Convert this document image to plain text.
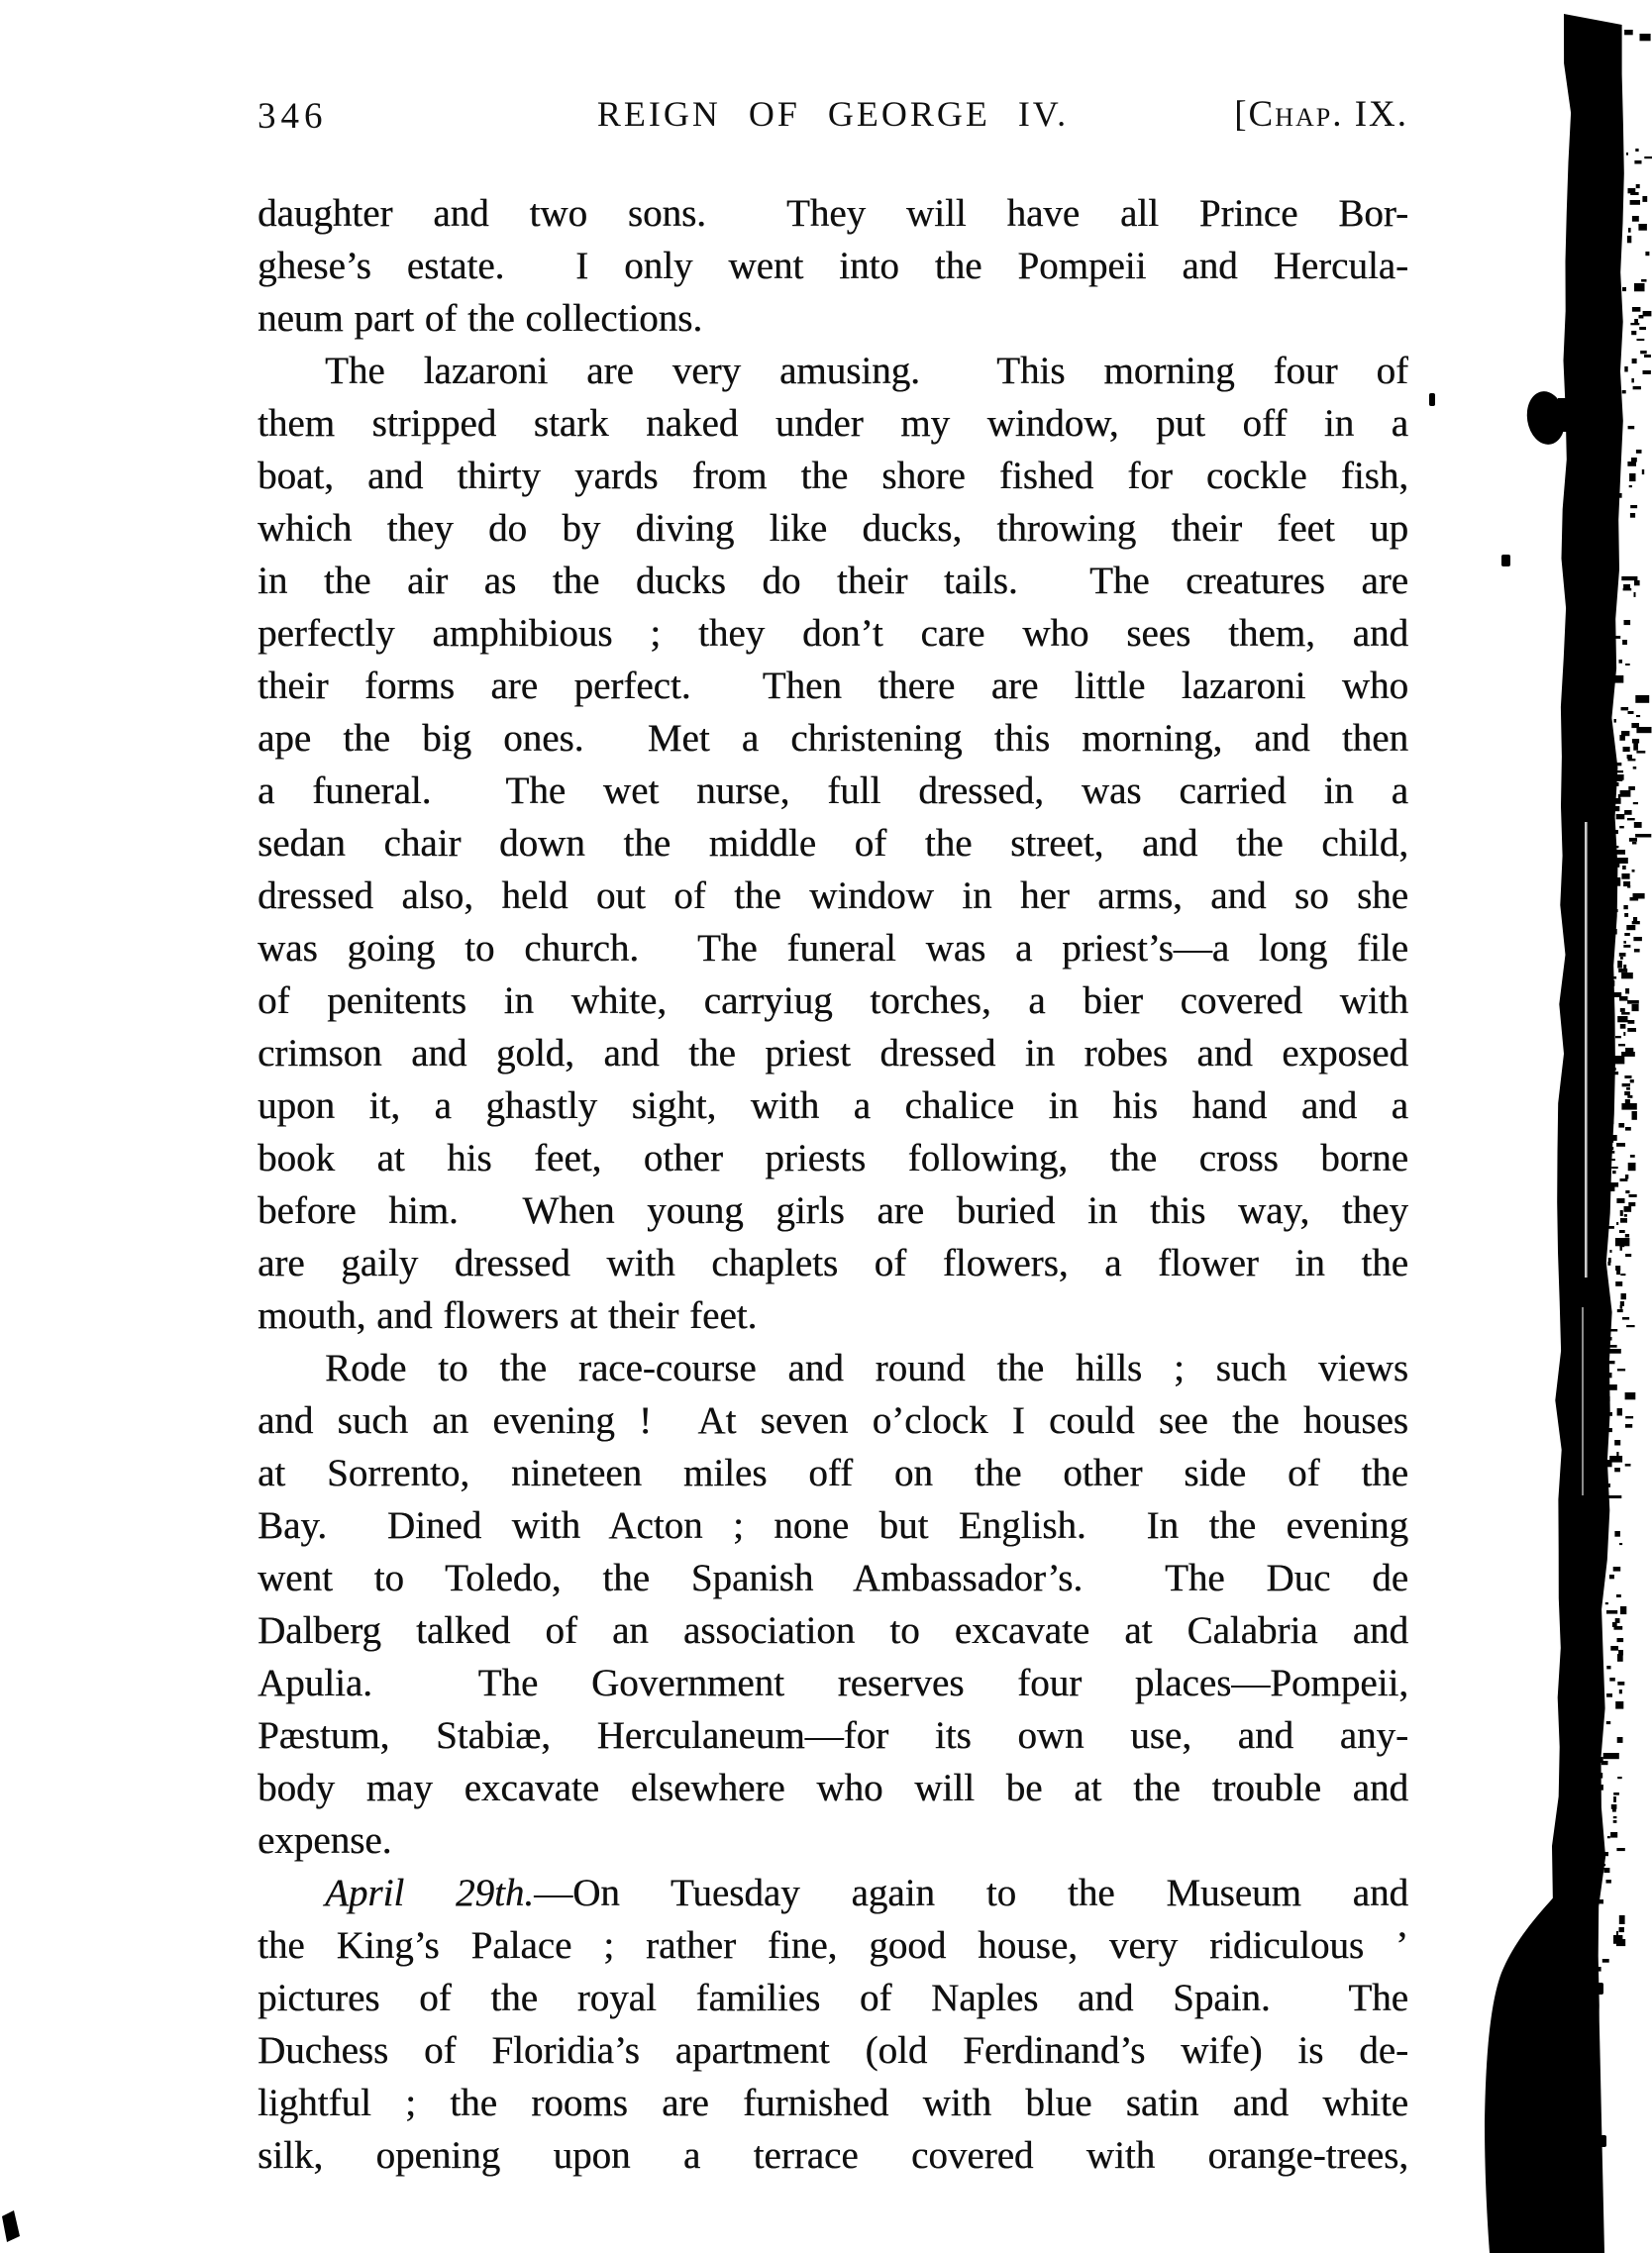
346	REIGN OF GEORGE IV.	[Chap. IX.
daughter and two sons.  They will have all Prince Bor-
ghese’s estate.  I only went into the Pompeii and Hercula-
neum part of the collections.
The lazaroni are very amusing.  This morning four of
them stripped stark naked under my window, put off in a
boat, and thirty yards from the shore fished for cockle fish,
which they do by diving like ducks, throwing their feet up
in the air as the ducks do their tails.  The creatures are
perfectly amphibious ; they don’t care who sees them, and
their forms are perfect.  Then there are little lazaroni who
ape the big ones.  Met a christening this morning, and then
a funeral.  The wet nurse, full dressed, was carried in a
sedan chair down the middle of the street, and the child,
dressed also, held out of the window in her arms, and so she
was going to church.  The funeral was a priest’s—a long file
of penitents in white, carryiug torches, a bier covered with
crimson and gold, and the priest dressed in robes and exposed
upon it, a ghastly sight, with a chalice in his hand and a
book at his feet, other priests following, the cross borne
before him.  When young girls are buried in this way, they
are gaily dressed with chaplets of flowers, a flower in the
mouth, and flowers at their feet.
Rode to the race-course and round the hills ; such views
and such an evening !  At seven o’clock I could see the houses
at Sorrento, nineteen miles off on the other side of the
Bay.  Dined with Acton ; none but English.  In the evening
went to Toledo, the Spanish Ambassador’s.  The Duc de
Dalberg talked of an association to excavate at Calabria and
Apulia.  The Government reserves four places—Pompeii,
Pæstum, Stabiæ, Herculaneum—for its own use, and any-
body may excavate elsewhere who will be at the trouble and
expense.
April 29th.—On Tuesday again to the Museum and
the King’s Palace ; rather fine, good house, very ridiculous ’
pictures of the royal families of Naples and Spain.  The
Duchess of Floridia’s apartment (old Ferdinand’s wife) is de-
lightful ; the rooms are furnished with blue satin and white
silk, opening upon a terrace covered with orange-trees,
